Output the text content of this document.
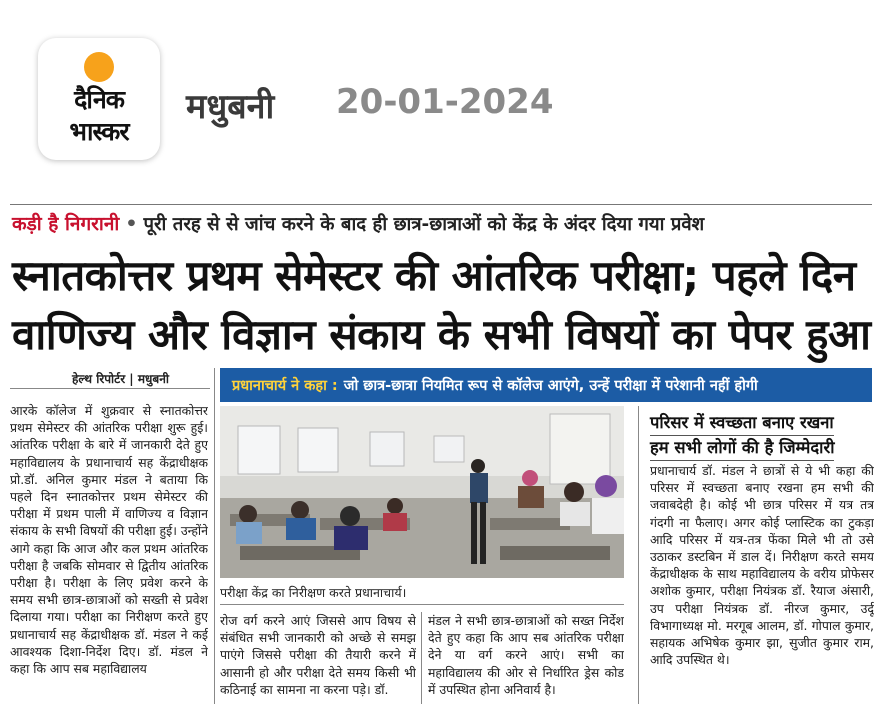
दैनिक
भास्कर
मधुबनी 20-01-2024
कड़ी है निगरानी • पूरी तरह से से जांच करने के बाद ही छात्र-छात्राओं को केंद्र के अंदर दिया गया प्रवेश
स्नातकोत्तर प्रथम सेमेस्टर की आंतरिक परीक्षा; पहले दिन
वाणिज्य और विज्ञान संकाय के सभी विषयों का पेपर हुआ
हेल्थ रिपोर्टर | मधुबनी
आरके कॉलेज में शुक्रवार से स्नातकोत्तर प्रथम सेमेस्टर की आंतरिक परीक्षा शुरू हुई। आंतरिक परीक्षा के बारे में जानकारी देते हुए महाविद्यालय के प्रधानाचार्य सह केंद्राधीक्षक प्रो.डॉ. अनिल कुमार मंडल ने बताया कि पहले दिन स्नातकोत्तर प्रथम सेमेस्टर की परीक्षा में प्रथम पाली में वाणिज्य व विज्ञान संकाय के सभी विषयों की परीक्षा हुई। उन्होंने आगे कहा कि आज और कल प्रथम आंतरिक परीक्षा है जबकि सोमवार से द्वितीय आंतरिक परीक्षा है। परीक्षा के लिए प्रवेश करने के समय सभी छात्र-छात्राओं को सख्ती से प्रवेश दिलाया गया। परीक्षा का निरीक्षण करते हुए प्रधानाचार्य सह केंद्राधीक्षक डॉ. मंडल ने कई आवश्यक दिशा-निर्देश दिए। डॉ. मंडल ने कहा कि आप सब महाविद्यालय
प्रधानाचार्य ने कहा : जो छात्र-छात्रा नियमित रूप से कॉलेज आएंगे, उन्हें परीक्षा में परेशानी नहीं होगी
परीक्षा केंद्र का निरीक्षण करते प्रधानाचार्य।
रोज वर्ग करने आएं जिससे आप विषय से संबंधित सभी जानकारी को अच्छे से समझ पाएंगे जिससे परीक्षा की तैयारी करने में आसानी हो और परीक्षा देते समय किसी भी कठिनाई का सामना ना करना पड़े। डॉ.
मंडल ने सभी छात्र-छात्राओं को सख्त निर्देश देते हुए कहा कि आप सब आंतरिक परीक्षा देने या वर्ग करने आएं। सभी का महाविद्यालय की ओर से निर्धारित ड्रेस कोड में उपस्थित होना अनिवार्य है।
परिसर में स्वच्छता बनाए रखना
हम सभी लोगों की है जिम्मेदारी
प्रधानाचार्य डॉ. मंडल ने छात्रों से ये भी कहा की परिसर में स्वच्छता बनाए रखना हम सभी की जवाबदेही है। कोई भी छात्र परिसर में यत्र तत्र गंदगी ना फैलाए। अगर कोई प्लास्टिक का टुकड़ा आदि परिसर में यत्र-तत्र फेंका मिले भी तो उसे उठाकर डस्टबिन में डाल दें। निरीक्षण करते समय केंद्राधीक्षक के साथ महाविद्यालय के वरीय प्रोफेसर अशोक कुमार, परीक्षा नियंत्रक डॉ. रैयाज अंसारी, उप परीक्षा नियंत्रक डॉ. नीरज कुमार, उर्दू विभागाध्यक्ष मो. मरगूब आलम, डॉ. गोपाल कुमार, सहायक अभिषेक कुमार झा, सुजीत कुमार राम, आदि उपस्थित थे।
